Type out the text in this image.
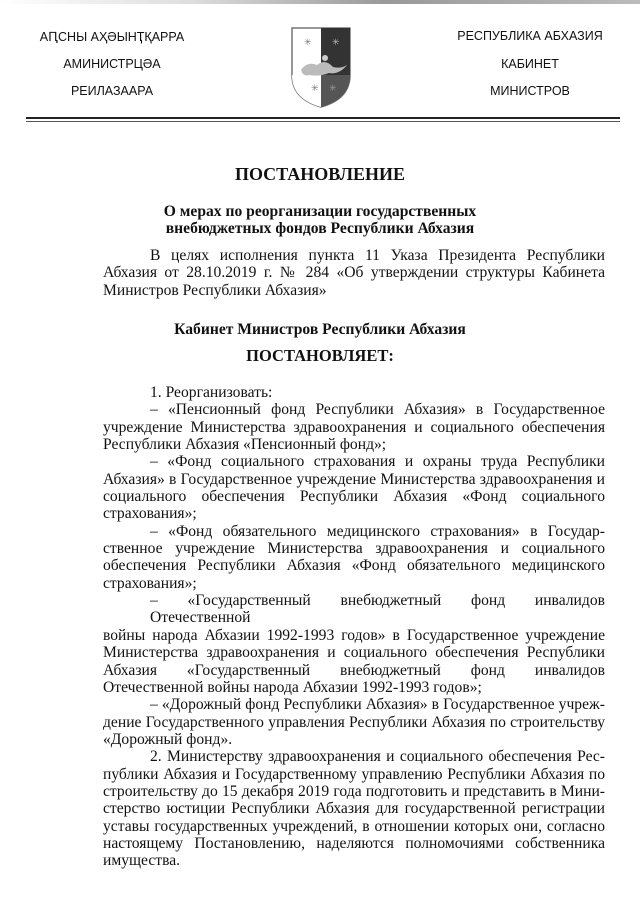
АԤСНЫ АҲӘЫНҬҚАРРА
АМИНИСТРЦӘА
РЕИЛАЗААРА
РЕСПУБЛИКА АБХАЗИЯ
КАБИНЕТ
МИНИСТРОВ
✳ ✳
✳ ✳
ПОСТАНОВЛЕНИЕ
О мерах по реорганизации государственных
внебюджетных фондов Республики Абхазия
В целях исполнения пункта 11 Указа Президента Республики
Абхазия от 28.10.2019 г. № 284 «Об утверждении структуры Кабинета
Министров Республики Абхазия»
Кабинет Министров Республики Абхазия
ПОСТАНОВЛЯЕТ:
1. Реорганизовать:
– «Пенсионный фонд Республики Абхазия» в Государственное
учреждение Министерства здравоохранения и социального обеспечения
Республики Абхазия «Пенсионный фонд»;
– «Фонд социального страхования и охраны труда Республики
Абхазия» в Государственное учреждение Министерства здравоохранения и
социального обеспечения Республики Абхазия «Фонд социального
страхования»;
– «Фонд обязательного медицинского страхования» в Государ-
ственное учреждение Министерства здравоохранения и социального
обеспечения Республики Абхазия «Фонд обязательного медицинского
страхования»;
– «Государственный внебюджетный фонд инвалидов Отечественной
войны народа Абхазии 1992-1993 годов» в Государственное учреждение
Министерства здравоохранения и социального обеспечения Республики
Абхазия «Государственный внебюджетный фонд инвалидов
Отечественной войны народа Абхазии 1992-1993 годов»;
– «Дорожный фонд Республики Абхазия» в Государственное учреж-
дение Государственного управления Республики Абхазия по строительству
«Дорожный фонд».
2. Министерству здравоохранения и социального обеспечения Рес-
публики Абхазия и Государственному управлению Республики Абхазия по
строительству до 15 декабря 2019 года подготовить и представить в Мини-
стерство юстиции Республики Абхазия для государственной регистрации
уставы государственных учреждений, в отношении которых они, согласно
настоящему Постановлению, наделяются полномочиями собственника
имущества.
